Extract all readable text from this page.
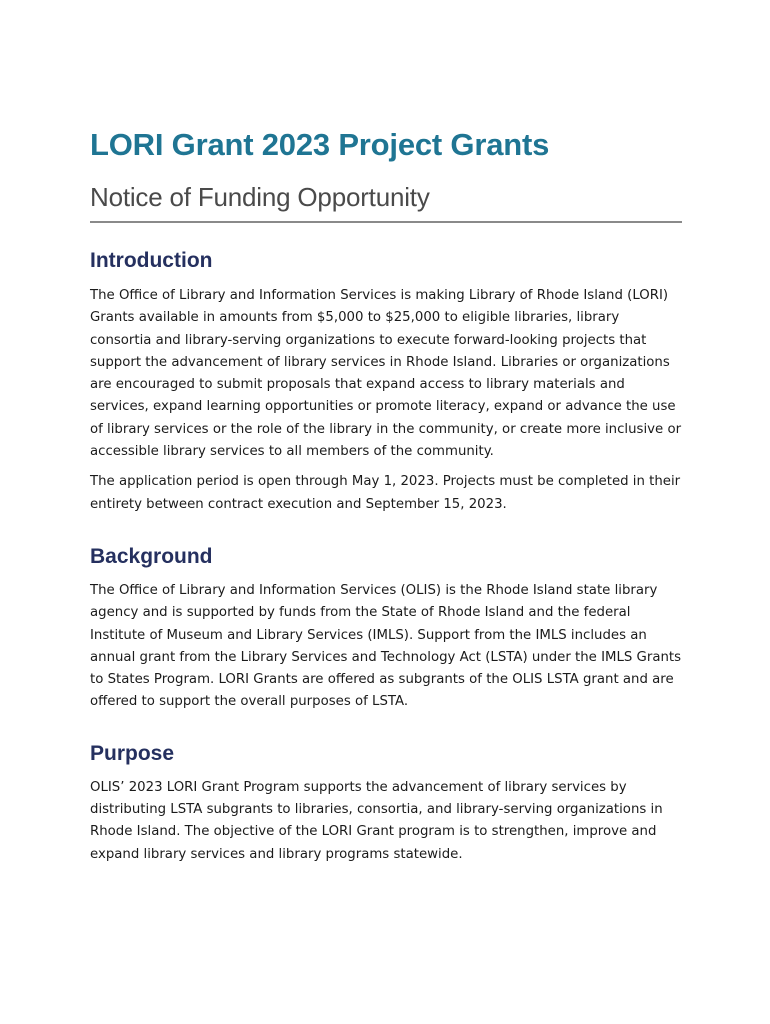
LORI Grant 2023 Project Grants
Notice of Funding Opportunity
Introduction

The Office of Library and Information Services is making Library of Rhode Island (LORI) Grants available in amounts from $5,000 to $25,000 to eligible libraries, library consortia and library-serving organizations to execute forward-looking projects that support the advancement of library services in Rhode Island. Libraries or organizations are encouraged to submit proposals that expand access to library materials and services, expand learning opportunities or promote literacy, expand or advance the use of library services or the role of the library in the community, or create more inclusive or accessible library services to all members of the community.

The application period is open through May 1, 2023. Projects must be completed in their entirety between contract execution and September 15, 2023.

Background

The Office of Library and Information Services (OLIS) is the Rhode Island state library agency and is supported by funds from the State of Rhode Island and the federal Institute of Museum and Library Services (IMLS). Support from the IMLS includes an annual grant from the Library Services and Technology Act (LSTA) under the IMLS Grants to States Program. LORI Grants are offered as subgrants of the OLIS LSTA grant and are offered to support the overall purposes of LSTA.

Purpose

OLIS’ 2023 LORI Grant Program supports the advancement of library services by distributing LSTA subgrants to libraries, consortia, and library-serving organizations in Rhode Island. The objective of the LORI Grant program is to strengthen, improve and expand library services and library programs statewide.
